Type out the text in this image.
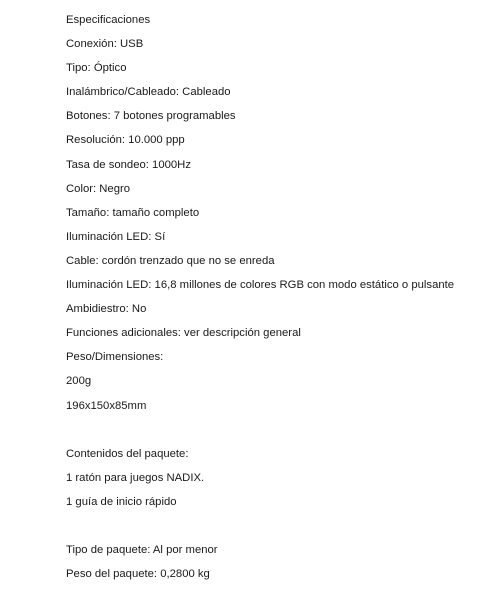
Especificaciones
Conexión: USB
Tipo: Óptico
Inalámbrico/Cableado: Cableado
Botones: 7 botones programables
Resolución: 10.000 ppp
Tasa de sondeo: 1000Hz
Color: Negro
Tamaño: tamaño completo
Iluminación LED: Sí
Cable: cordón trenzado que no se enreda
Iluminación LED: 16,8 millones de colores RGB con modo estático o pulsante
Ambidiestro: No
Funciones adicionales: ver descripción general
Peso/Dimensiones:
200g
196x150x85mm
Contenidos del paquete:
1 ratón para juegos NADIX.
1 guía de inicio rápido
Tipo de paquete: Al por menor
Peso del paquete: 0,2800 kg
